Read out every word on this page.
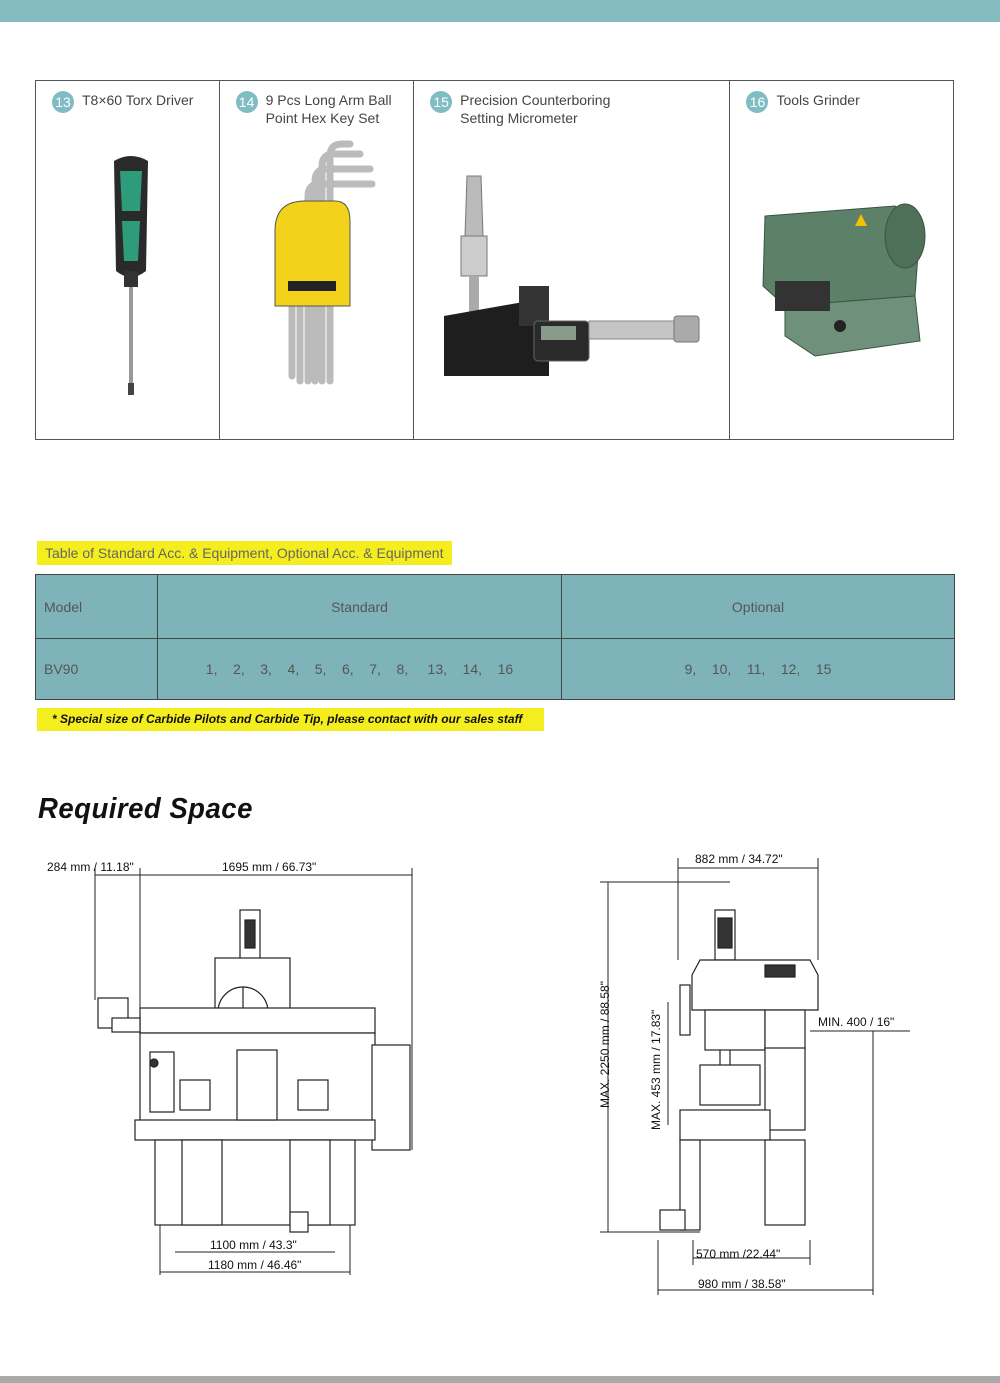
13 T8×60 Torx Driver	14 9 Pcs Long Arm Ball
Point Hex Key Set
15 Precision Counterboring
Setting Micrometer
16 Tools Grinder
Table of Standard Acc. & Equipment, Optional Acc. & Equipment
Model	Standard	Optional
BV90	1,    2,    3,    4,    5,    6,    7,    8,     13,    14,    16	9,    10,    11,    12,    15
* Special size of Carbide Pilots and Carbide Tip, please contact with our sales staff
Required Space
284 mm / 11.18"	1695 mm / 66.73"
1100 mm / 43.3"
1180 mm / 46.46"
882 mm / 34.72"
MAX. 2250 mm / 88.58"	MAX. 453 mm / 17.83"	MIN. 400 / 16"
570 mm /22.44"
980 mm / 38.58"
